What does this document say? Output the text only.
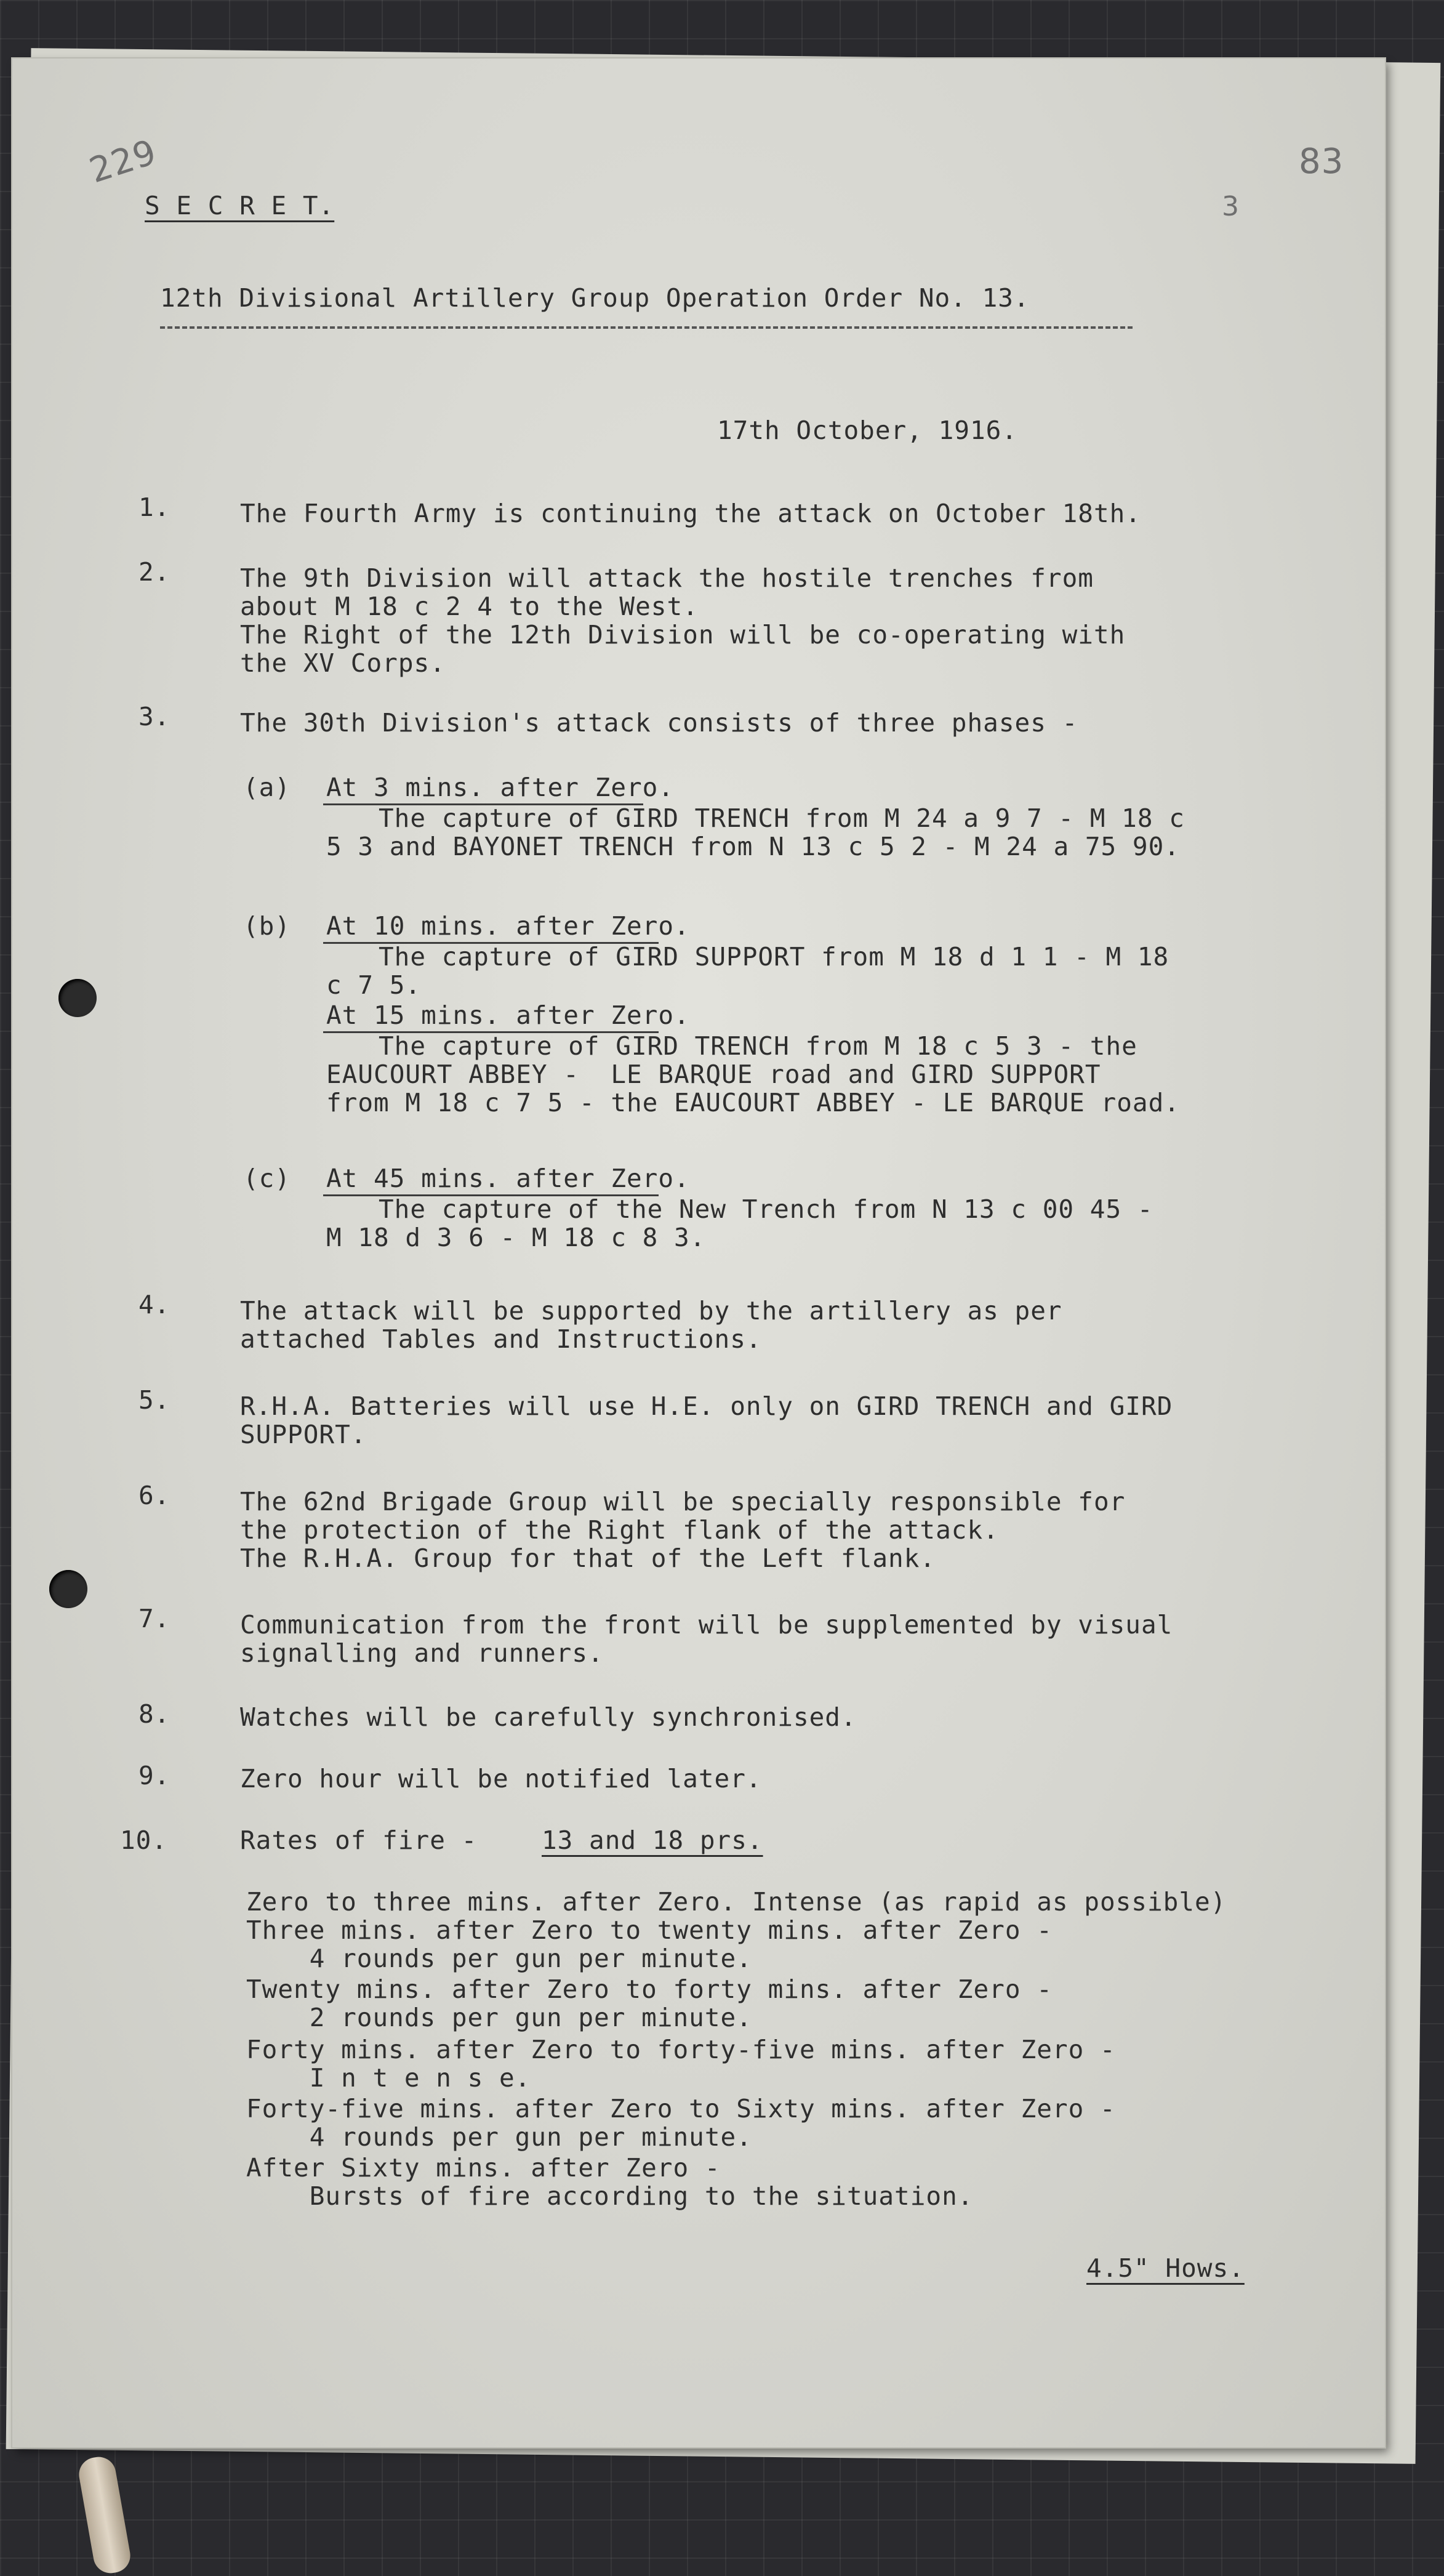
229	83
3
S E C R E T.
12th Divisional Artillery Group Operation Order No. 13.
17th October, 1916.
1.	The Fourth Army is continuing the attack on October 18th.
2.	The 9th Division will attack the hostile trenches from
about M 18 c 2 4 to the West.
The Right of the 12th Division will be co-operating with
the XV Corps.
3.	The 30th Division's attack consists of three phases -
(a) At 3 mins. after Zero.
The capture of GIRD TRENCH from M 24 a 9 7 - M 18 c
5 3 and BAYONET TRENCH from N 13 c 5 2 - M 24 a 75 90.
(b) At 10 mins. after Zero.
The capture of GIRD SUPPORT from M 18 d 1 1 - M 18
c 7 5.
At 15 mins. after Zero.
The capture of GIRD TRENCH from M 18 c 5 3 - the
EAUCOURT ABBEY -  LE BARQUE road and GIRD SUPPORT
from M 18 c 7 5 - the EAUCOURT ABBEY - LE BARQUE road.
(c) At 45 mins. after Zero.
The capture of the New Trench from N 13 c 00 45 -
M 18 d 3 6 - M 18 c 8 3.
4.	The attack will be supported by the artillery as per
attached Tables and Instructions.
5.	R.H.A. Batteries will use H.E. only on GIRD TRENCH and GIRD
SUPPORT.
6.	The 62nd Brigade Group will be specially responsible for
the protection of the Right flank of the attack.
The R.H.A. Group for that of the Left flank.
7.	Communication from the front will be supplemented by visual
signalling and runners.
8.	Watches will be carefully synchronised.
9.	Zero hour will be notified later.
10.	Rates of fire - 13 and 18 prs.
Zero to three mins. after Zero. Intense (as rapid as possible)
Three mins. after Zero to twenty mins. after Zero -
4 rounds per gun per minute.
Twenty mins. after Zero to forty mins. after Zero -
2 rounds per gun per minute.
Forty mins. after Zero to forty-five mins. after Zero -
I n t e n s e.
Forty-five mins. after Zero to Sixty mins. after Zero -
4 rounds per gun per minute.
After Sixty mins. after Zero -
Bursts of fire according to the situation.
4.5" Hows.
